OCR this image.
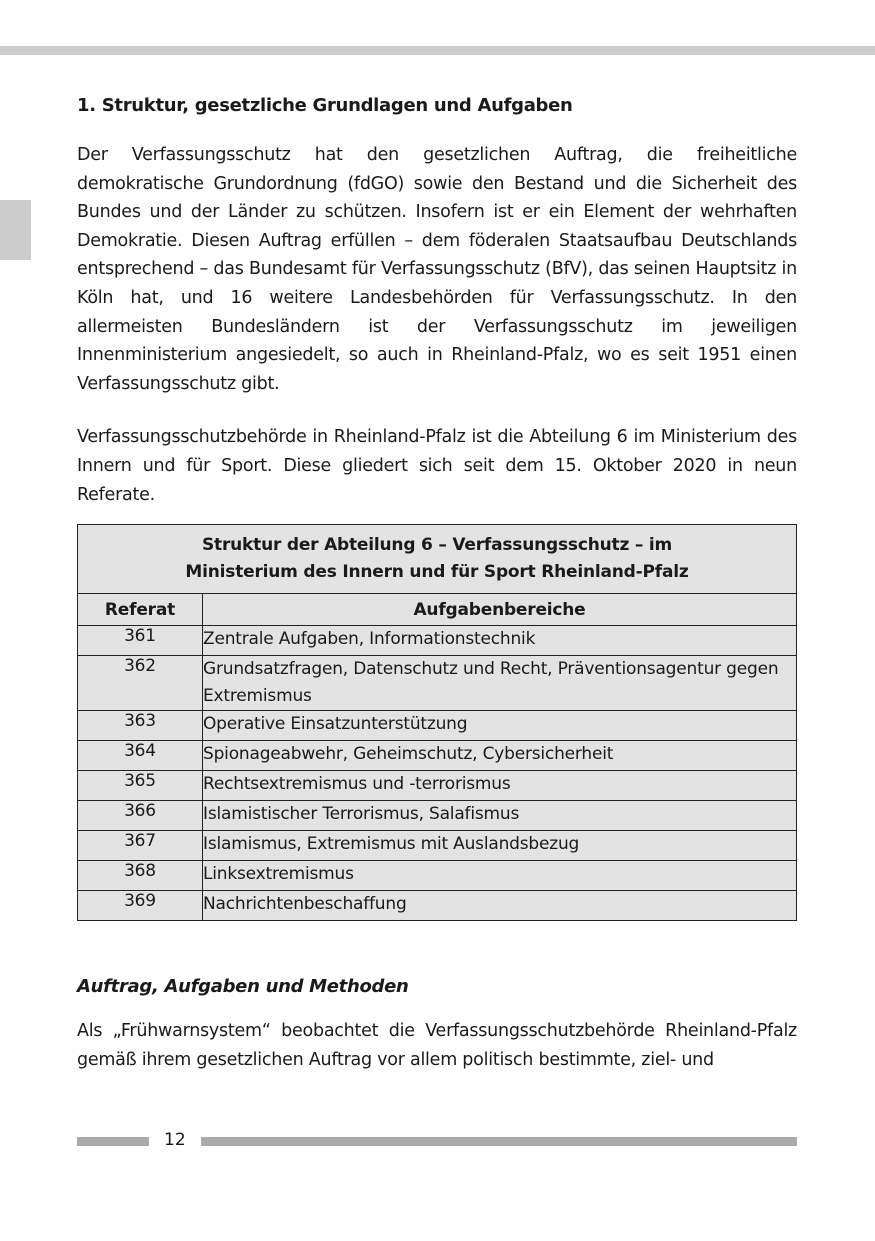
1. Struktur, gesetzliche Grundlagen und Aufgaben

Der Verfassungsschutz hat den gesetzlichen Auftrag, die freiheitliche demokratische Grundordnung (fdGO) sowie den Bestand und die Sicherheit des Bundes und der Länder zu schützen. Insofern ist er ein Element der wehrhaften Demokratie. Diesen Auftrag erfüllen – dem föderalen Staatsaufbau Deutschlands entsprechend – das Bundesamt für Verfassungsschutz (BfV), das seinen Hauptsitz in Köln hat, und 16 weitere Landesbehörden für Verfassungsschutz. In den allermeisten Bundesländern ist der Verfassungsschutz im jeweiligen Innenministerium angesiedelt, so auch in Rheinland-Pfalz, wo es seit 1951 einen Verfassungsschutz gibt.

Verfassungsschutzbehörde in Rheinland-Pfalz ist die Abteilung 6 im Ministerium des Innern und für Sport. Diese gliedert sich seit dem 15. Oktober 2020 in neun Referate.

Struktur der Abteilung 6 – Verfassungsschutz – im
Ministerium des Innern und für Sport Rheinland-Pfalz	

Referat	Aufgabenbereiche
361	Zentrale Aufgaben, Informationstechnik
362	Grundsatzfragen, Datenschutz und Recht, Präventionsagentur gegen Extremismus
363	Operative Einsatzunterstützung
364	Spionageabwehr, Geheimschutz, Cybersicherheit
365	Rechtsextremismus und -terrorismus
366	Islamistischer Terrorismus, Salafismus
367	Islamismus, Extremismus mit Auslandsbezug
368	Linksextremismus
369	Nachrichtenbeschaffung
Auftrag, Aufgaben und Methoden

Als „Frühwarnsystem“ beobachtet die Verfassungsschutzbehörde Rheinland-Pfalz gemäß ihrem gesetzlichen Auftrag vor allem politisch bestimmte, ziel- und

12
